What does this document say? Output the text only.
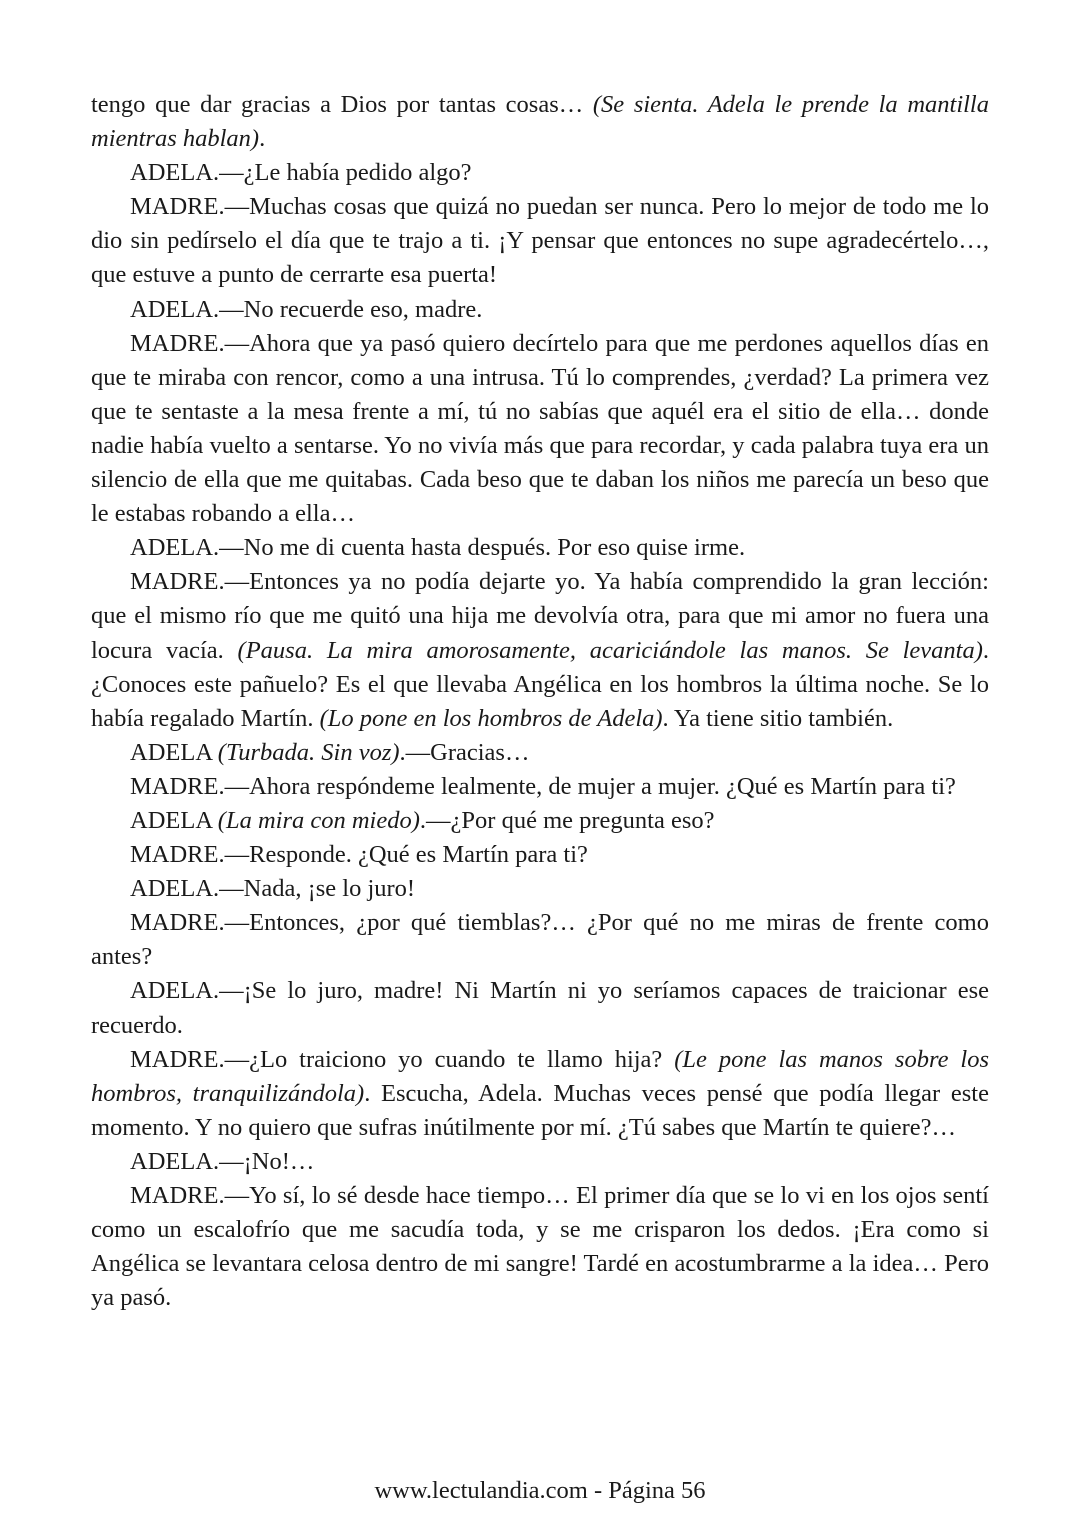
tengo que dar gracias a Dios por tantas cosas… (Se sienta. Adela le prende la mantilla mientras hablan).

ADELA.—¿Le había pedido algo?

MADRE.—Muchas cosas que quizá no puedan ser nunca. Pero lo mejor de todo me lo dio sin pedírselo el día que te trajo a ti. ¡Y pensar que entonces no supe agradecértelo…, que estuve a punto de cerrarte esa puerta!

ADELA.—No recuerde eso, madre.

MADRE.—Ahora que ya pasó quiero decírtelo para que me perdones aquellos días en que te miraba con rencor, como a una intrusa. Tú lo comprendes, ¿verdad? La primera vez que te sentaste a la mesa frente a mí, tú no sabías que aquél era el sitio de ella… donde nadie había vuelto a sentarse. Yo no vivía más que para recordar, y cada palabra tuya era un silencio de ella que me quitabas. Cada beso que te daban los niños me parecía un beso que le estabas robando a ella…

ADELA.—No me di cuenta hasta después. Por eso quise irme.

MADRE.—Entonces ya no podía dejarte yo. Ya había comprendido la gran lección: que el mismo río que me quitó una hija me devolvía otra, para que mi amor no fuera una locura vacía. (Pausa. La mira amorosamente, acariciándole las manos. Se levanta). ¿Conoces este pañuelo? Es el que llevaba Angélica en los hombros la última noche. Se lo había regalado Martín. (Lo pone en los hombros de Adela). Ya tiene sitio también.

ADELA (Turbada. Sin voz).—Gracias…

MADRE.—Ahora respóndeme lealmente, de mujer a mujer. ¿Qué es Martín para ti?

ADELA (La mira con miedo).—¿Por qué me pregunta eso?

MADRE.—Responde. ¿Qué es Martín para ti?

ADELA.—Nada, ¡se lo juro!

MADRE.—Entonces, ¿por qué tiemblas?… ¿Por qué no me miras de frente como antes?

ADELA.—¡Se lo juro, madre! Ni Martín ni yo seríamos capaces de traicionar ese recuerdo.

MADRE.—¿Lo traiciono yo cuando te llamo hija? (Le pone las manos sobre los hombros, tranquilizándola). Escucha, Adela. Muchas veces pensé que podía llegar este momento. Y no quiero que sufras inútilmente por mí. ¿Tú sabes que Martín te quiere?…

ADELA.—¡No!…

MADRE.—Yo sí, lo sé desde hace tiempo… El primer día que se lo vi en los ojos sentí como un escalofrío que me sacudía toda, y se me crisparon los dedos. ¡Era como si Angélica se levantara celosa dentro de mi sangre! Tardé en acostumbrarme a la idea… Pero ya pasó.

www.lectulandia.com - Página 56
